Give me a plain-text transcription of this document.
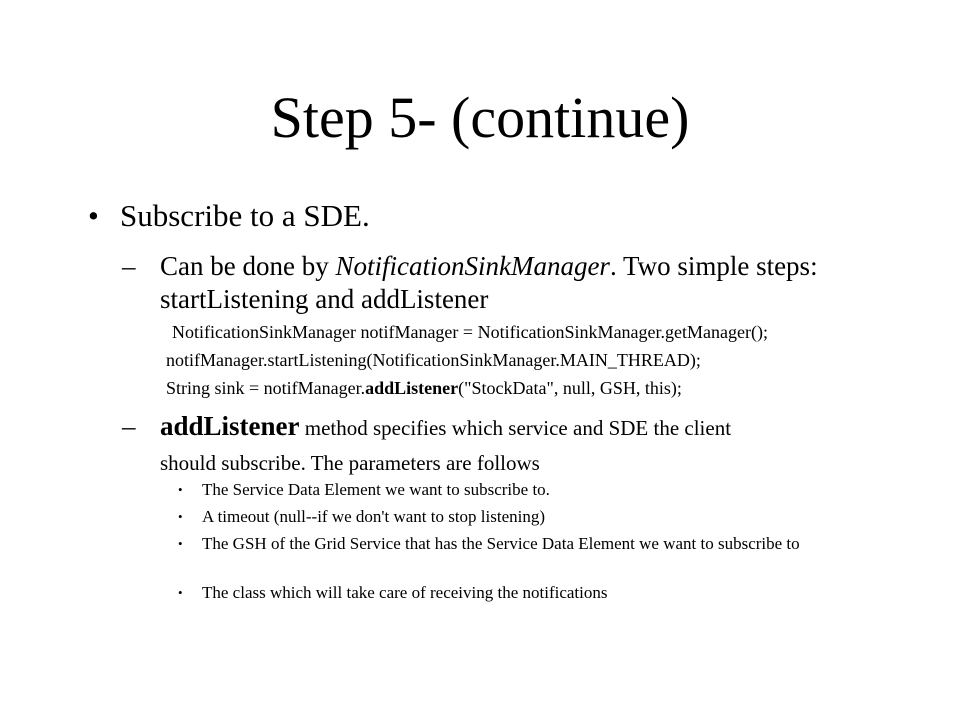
Step 5- (continue)
• Subscribe to a SDE.
– Can be done by NotificationSinkManager. Two simple steps: startListening and addListener
NotificationSinkManager notifManager = NotificationSinkManager.getManager();
notifManager.startListening(NotificationSinkManager.MAIN_THREAD);
String sink = notifManager.addListener("StockData", null, GSH, this);
– addListener method specifies which service and SDE the client
should subscribe. The parameters are follows
• The Service Data Element we want to subscribe to.
• A timeout (null--if we don't want to stop listening)
• The GSH of the Grid Service that has the Service Data Element we want to subscribe to
• The class which will take care of receiving the notifications
